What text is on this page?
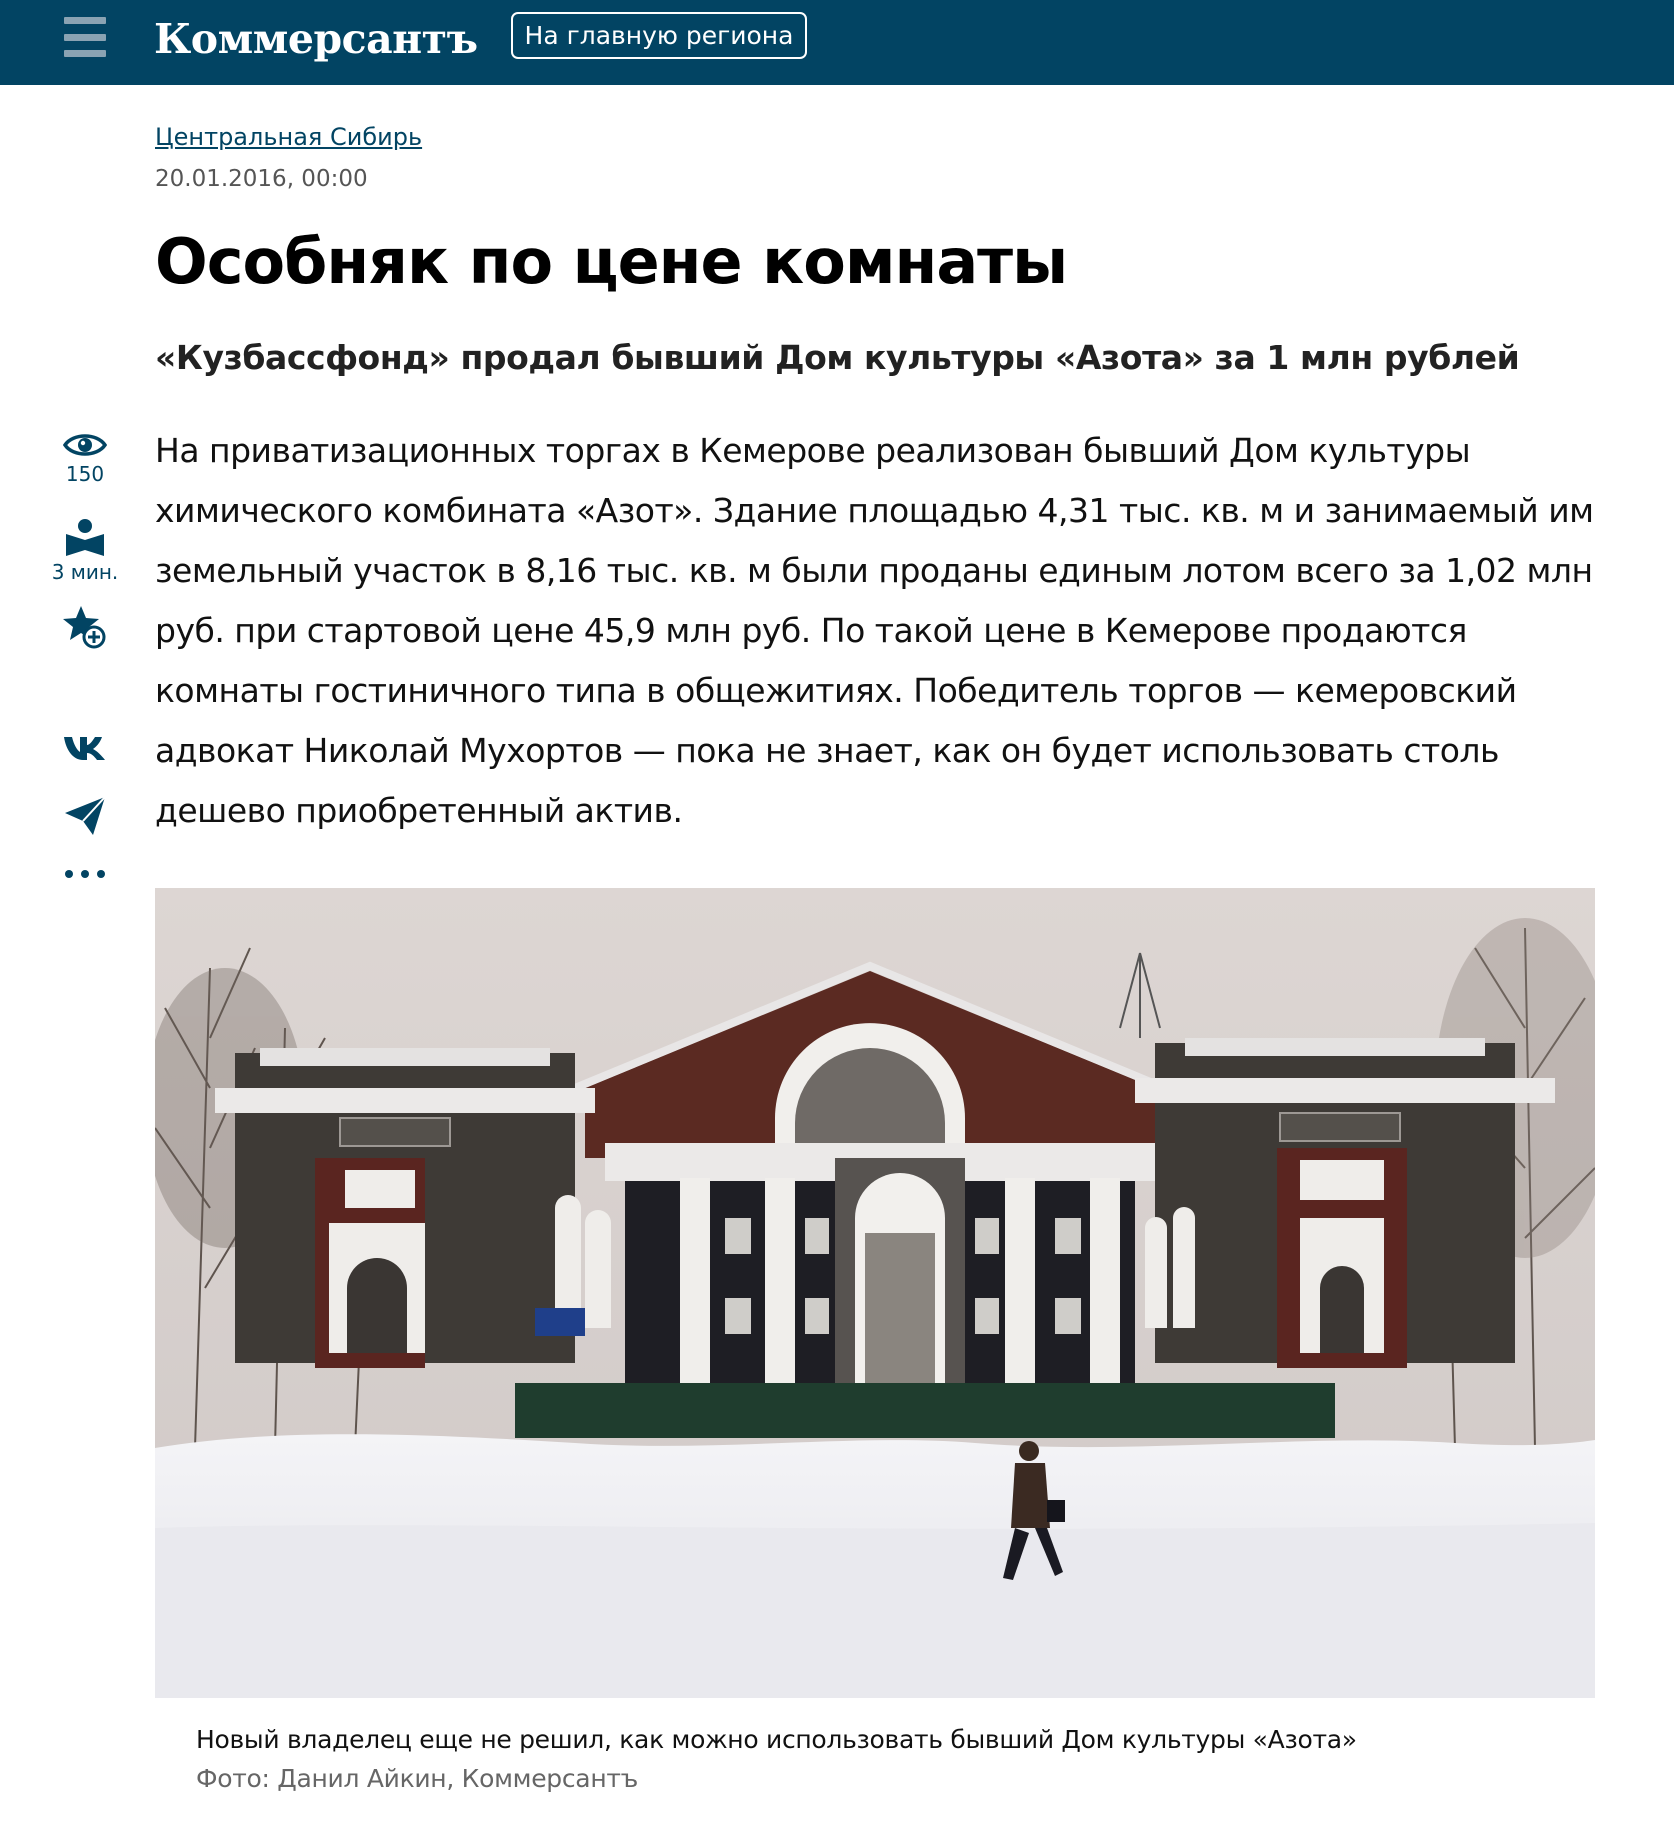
Коммерсантъ	На главную региона
Центральная Сибирь
20.01.2016, 00:00
Особняк по цене комнаты
«Кузбассфонд» продал бывший Дом культуры «Азота» за 1 млн рублей

На приватизационных торгах в Кемерове реализован бывший Дом культуры химического комбината «Азот». Здание площадью 4,31 тыс. кв. м и занимаемый им земельный участок в 8,16 тыс. кв. м были проданы единым лотом всего за 1,02 млн руб. при стартовой цене 45,9 млн руб. По такой цене в Кемерове продаются комнаты гостиничного типа в общежитиях. Победитель торгов — кемеровский адвокат Николай Мухортов — пока не знает, как он будет использовать столь дешево приобретенный актив.

150
3 мин.
Новый владелец еще не решил, как можно использовать бывший Дом культуры «Азота»
Фото: Данил Айкин, Коммерсантъ
